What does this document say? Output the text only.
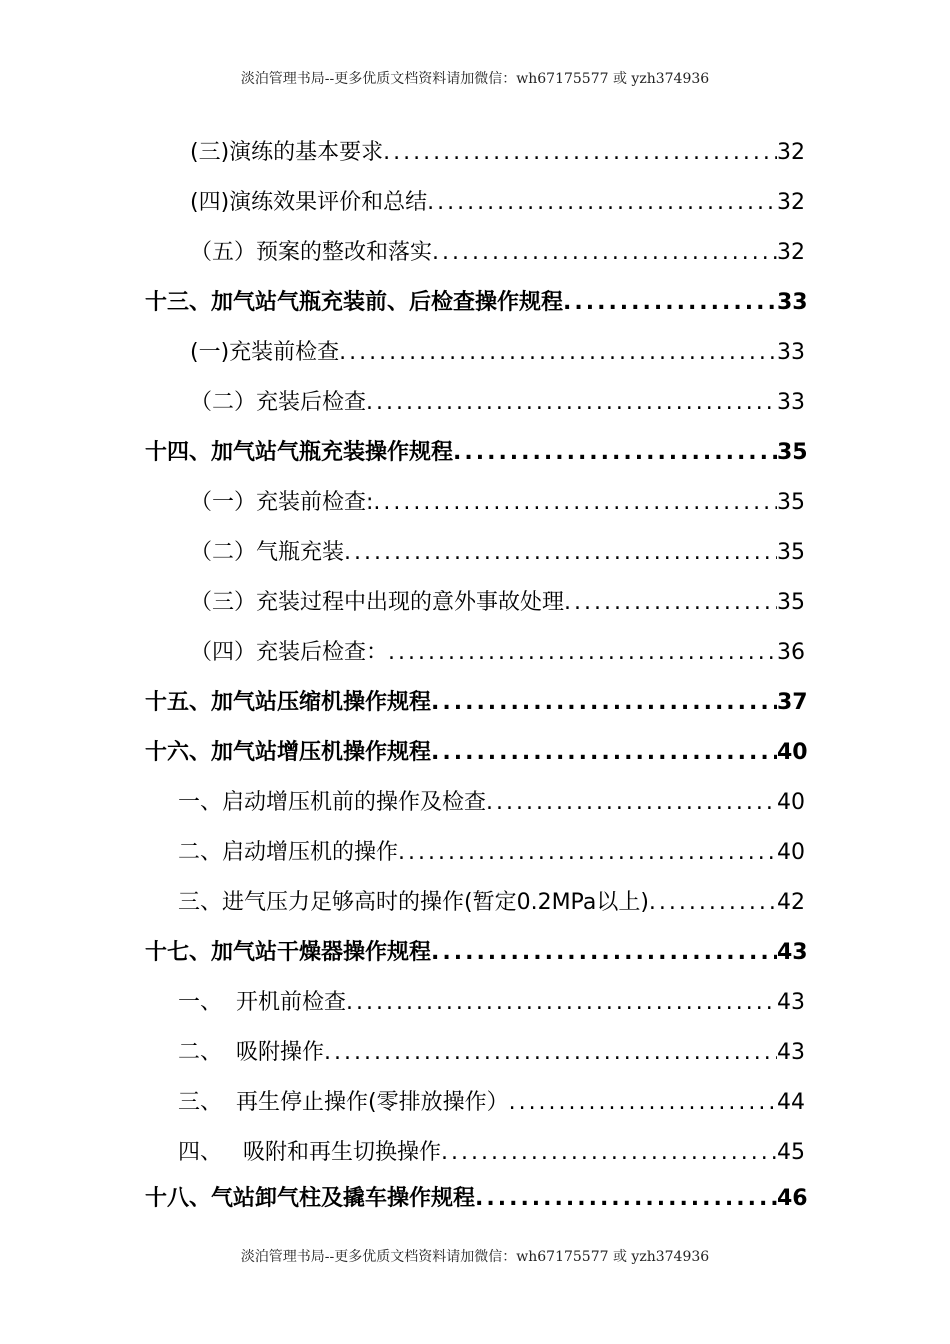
淡泊管理书局--更多优质文档资料请加微信：wh67175577 或 yzh374936
(三)演练的基本要求 .....	32
(四)演练效果评价和总结 .....	32
（五）预案的整改和落实 .....	32
十三、加气站气瓶充装前、后检查操作规程 .....	33
(一)充装前检查 .....	33
（二）充装后检查 .....	33
十四、加气站气瓶充装操作规程 .....	35
（一）充装前检查: .....	35
（二）气瓶充装 .....	35
（三）充装过程中出现的意外事故处理 .....	35
（四）充装后检查： .....	36
十五、加气站压缩机操作规程 .....	37
十六、加气站增压机操作规程 .....	40
一、启动增压机前的操作及检查 .....	40
二、启动增压机的操作 .....	40
三、进气压力足够高时的操作(暂定0.2MPa以上) .....	42
十七、加气站干燥器操作规程 .....	43
一、  开机前检查 .....	43
二、  吸附操作 .....	43
三、  再生停止操作(零排放操作） .....	44
四、   吸附和再生切换操作 .....	45
十八、气站卸气柱及撬车操作规程 .....	46
淡泊管理书局--更多优质文档资料请加微信：wh67175577 或 yzh374936
